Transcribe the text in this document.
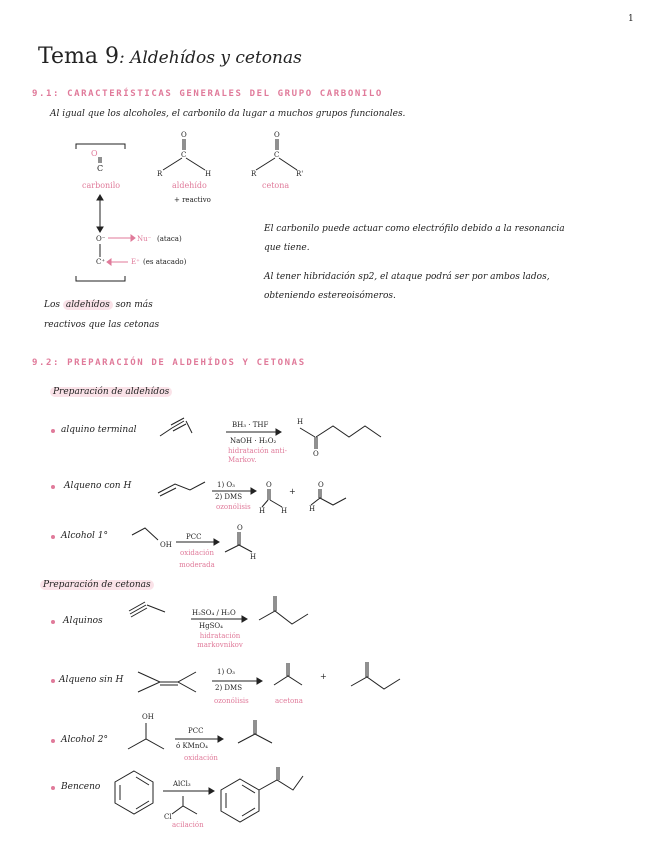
1
Tema 9: Aldehídos y cetonas
9.1: CARACTERÍSTICAS GENERALES DEL GRUPO CARBONILO
Al igual que los alcoholes, el carbonilo da lugar a muchos grupos funcionales.
O
C
carbonilo
O
C
R	H
aldehído
+ reactivo
O
C
R	R'
cetona
O⁻
C⁺
Nu⁻ (ataca)
E⁺ (es atacado)
El carbonilo puede actuar como electrófilo debido a la resonancia
que tiene.
Al tener hibridación sp2, el ataque podrá ser por ambos lados,
obteniendo estereoisómeros.
Los aldehídos son más
reactivos que las cetonas
9.2: PREPARACIÓN DE ALDEHÍDOS Y CETONAS
Preparación de aldehídos
alquino terminal	BH₃ · THF
NaOH · H₂O₂
hidratación anti-Markov.
H
O
Alqueno con H	1) O₃
2) DMS
ozonólisis
O
H H
+
O
H
Alcohol 1°
OH
PCC
oxidación moderada
O
H
Preparación de cetonas
Alquinos
H₂SO₄ / H₂O
HgSO₄
hidratación markovnikov
Alqueno sin H
1) O₃
2) DMS
ozonólisis	acetona
+
Alcohol 2°
OH
PCC
ó KMnO₄
oxidación
Benceno	AlCl₃
Cl
acilación
